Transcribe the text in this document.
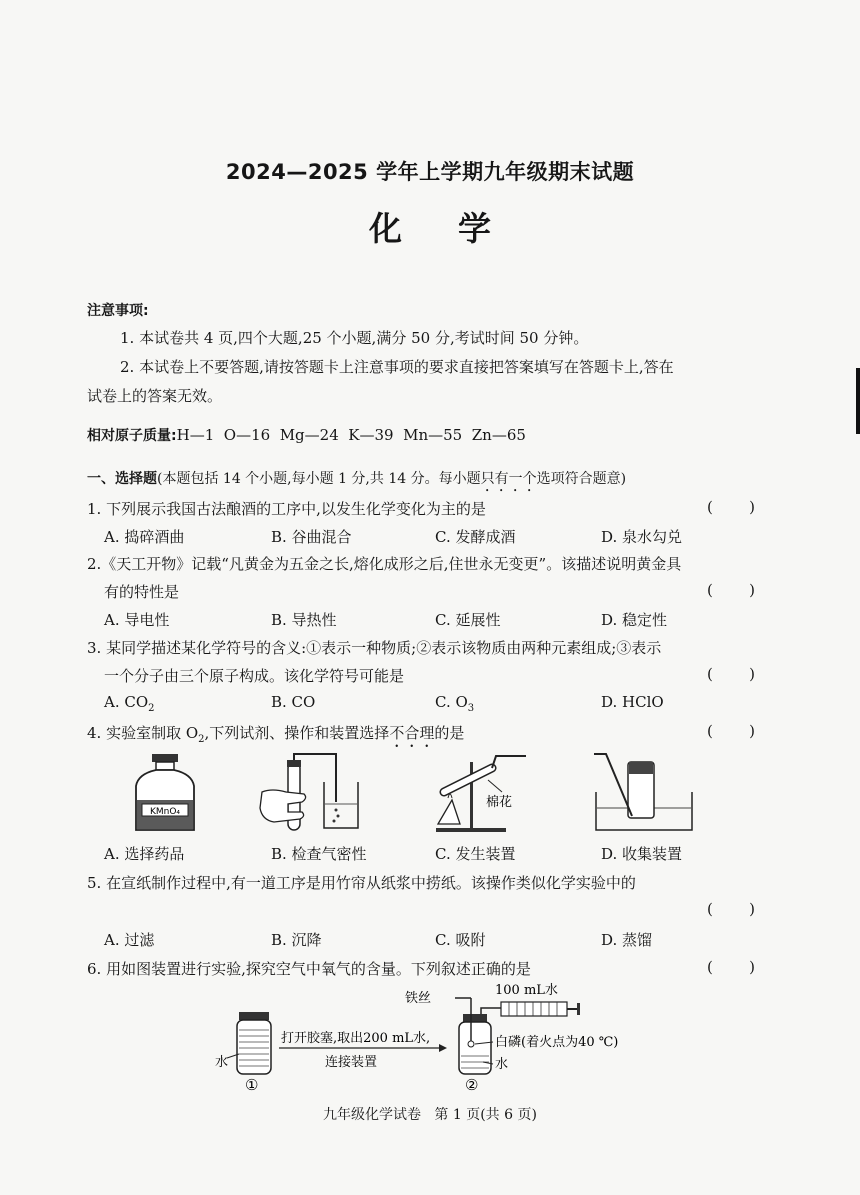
2024—2025 学年上学期九年级期末试题
化 学
注意事项:
1. 本试卷共 4 页,四个大题,25 个小题,满分 50 分,考试时间 50 分钟。
2. 本试卷上不要答题,请按答题卡上注意事项的要求直接把答案填写在答题卡上,答在
试卷上的答案无效。
相对原子质量:H—1  O—16  Mg—24  K—39  Mn—55  Zn—65
一、选择题(本题包括 14 个小题,每小题 1 分,共 14 分。每小题只有一个选项符合题意)
1. 下列展示我国古法酿酒的工序中,以发生化学变化为主的是	( )
A. 捣碎酒曲	B. 谷曲混合	C. 发酵成酒	D. 泉水勾兑
2.《天工开物》记载“凡黄金为五金之长,熔化成形之后,住世永无变更”。该描述说明黄金具
有的特性是	( )
A. 导电性	B. 导热性	C. 延展性	D. 稳定性
3. 某同学描述某化学符号的含义:①表示一种物质;②表示该物质由两种元素组成;③表示
一个分子由三个原子构成。该化学符号可能是	( )
A. $CO_2$	B. CO	C. $O_3$	D. HClO
4. 实验室制取 $O_2$,下列试剂、操作和装置选择不合理的是	( )
KMnO₄
棉花
A. 选择药品	B. 检查气密性	C. 发生装置	D. 收集装置
5. 在宣纸制作过程中,有一道工序是用竹帘从纸浆中捞纸。该操作类似化学实验中的
( )
A. 过滤	B. 沉降	C. 吸附	D. 蒸馏
6. 用如图装置进行实验,探究空气中氧气的含量。下列叙述正确的是	( )
水
①
打开胶塞,取出200 mL水,
连接装置
铁丝
100 mL水
白磷(着火点为40 ℃)
水
②
九年级化学试卷   第 1 页(共 6 页)
